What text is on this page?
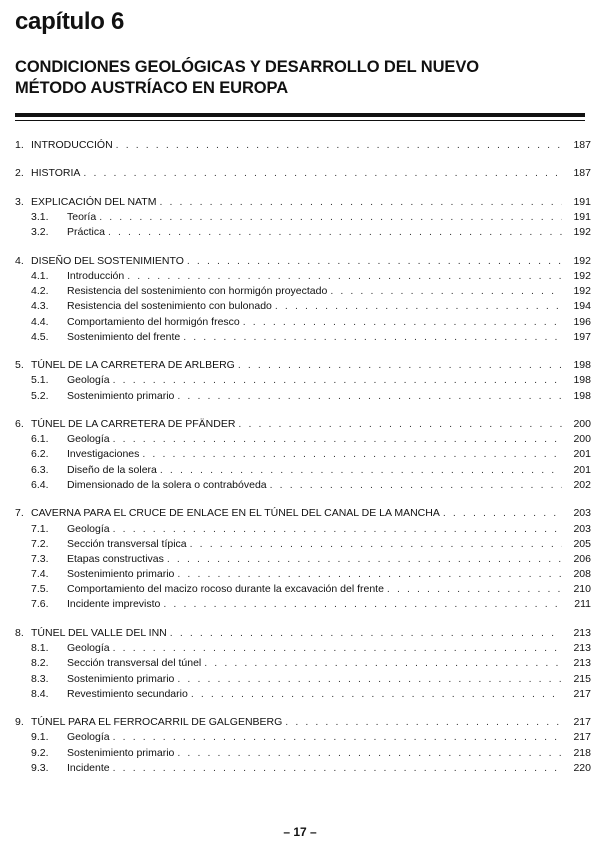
capítulo 6
CONDICIONES GEOLÓGICAS Y DESARROLLO DEL NUEVO
MÉTODO AUSTRÍACO EN EUROPA
1. INTRODUCCIÓN . . .	187
2. HISTORIA . . .	187
3. EXPLICACIÓN DEL NATM . . .	191
3.1.	Teoría . . .	191
3.2.	Práctica . . .	192
4. DISEÑO DEL SOSTENIMIENTO . . .	192
4.1.	Introducción . . .	192
4.2.	Resistencia del sostenimiento con hormigón proyectado . . .	192
4.3.	Resistencia del sostenimiento con bulonado . . .	194
4.4.	Comportamiento del hormigón fresco . . .	196
4.5.	Sostenimiento del frente . . .	197
5. TÚNEL DE LA CARRETERA DE ARLBERG . . .	198
5.1.	Geología . . .	198
5.2.	Sostenimiento primario . . .	198
6. TÚNEL DE LA CARRETERA DE PFÄNDER . . .	200
6.1.	Geología . . .	200
6.2.	Investigaciones . . .	201
6.3.	Diseño de la solera . . .	201
6.4.	Dimensionado de la solera o contrabóveda . . .	202
7. CAVERNA PARA EL CRUCE DE ENLACE EN EL TÚNEL DEL CANAL DE LA MANCHA . . .	203
7.1.	Geología . . .	203
7.2.	Sección transversal típica . . .	205
7.3.	Etapas constructivas . . .	206
7.4.	Sostenimiento primario . . .	208
7.5.	Comportamiento del macizo rocoso durante la excavación del frente . . .	210
7.6.	Incidente imprevisto . . .	211
8. TÚNEL DEL VALLE DEL INN . . .	213
8.1.	Geología . . .	213
8.2.	Sección transversal del túnel . . .	213
8.3.	Sostenimiento primario . . .	215
8.4.	Revestimiento secundario . . .	217
9. TÚNEL PARA EL FERROCARRIL DE GALGENBERG . . .	217
9.1.	Geología . . .	217
9.2.	Sostenimiento primario . . .	218
9.3.	Incidente . . .	220
– 17 –
